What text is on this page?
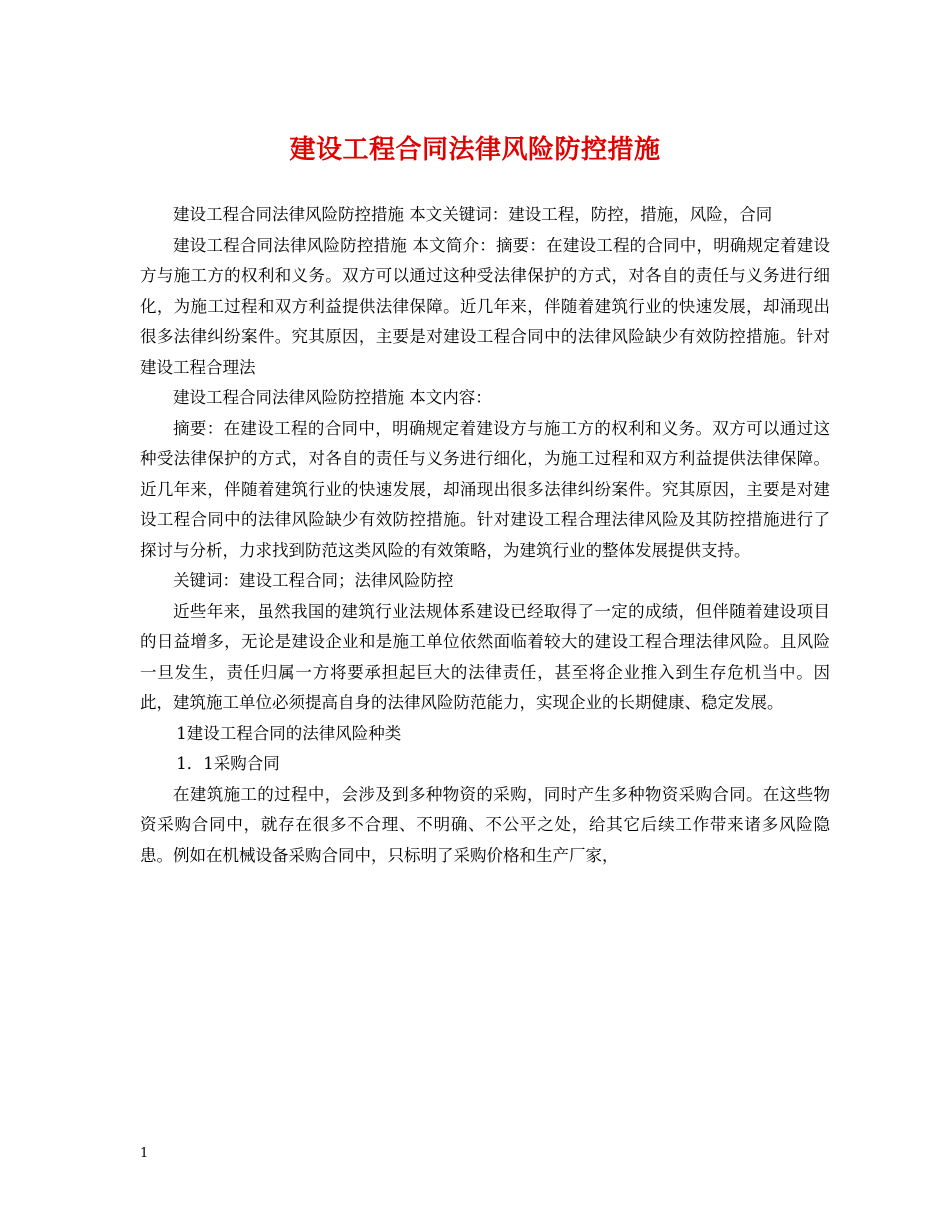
建设工程合同法律风险防控措施

建设工程合同法律风险防控措施 本文关键词：建设工程，防控，措施，风险，合同

建设工程合同法律风险防控措施 本文简介：摘要：在建设工程的合同中，明确规定着建设方与施工方的权利和义务。双方可以通过这种受法律保护的方式，对各自的责任与义务进行细化，为施工过程和双方利益提供法律保障。近几年来，伴随着建筑行业的快速发展，却涌现出很多法律纠纷案件。究其原因，主要是对建设工程合同中的法律风险缺少有效防控措施。针对建设工程合理法

建设工程合同法律风险防控措施 本文内容：

摘要：在建设工程的合同中，明确规定着建设方与施工方的权利和义务。双方可以通过这种受法律保护的方式，对各自的责任与义务进行细化，为施工过程和双方利益提供法律保障。近几年来，伴随着建筑行业的快速发展，却涌现出很多法律纠纷案件。究其原因，主要是对建设工程合同中的法律风险缺少有效防控措施。针对建设工程合理法律风险及其防控措施进行了探讨与分析，力求找到防范这类风险的有效策略，为建筑行业的整体发展提供支持。

关键词：建设工程合同；法律风险防控

近些年来，虽然我国的建筑行业法规体系建设已经取得了一定的成绩，但伴随着建设项目的日益增多，无论是建设企业和是施工单位依然面临着较大的建设工程合理法律风险。且风险一旦发生，责任归属一方将要承担起巨大的法律责任，甚至将企业推入到生存危机当中。因此，建筑施工单位必须提高自身的法律风险防范能力，实现企业的长期健康、稳定发展。

1建设工程合同的法律风险种类

1．1采购合同

在建筑施工的过程中，会涉及到多种物资的采购，同时产生多种物资采购合同。在这些物资采购合同中，就存在很多不合理、不明确、不公平之处，给其它后续工作带来诸多风险隐患。例如在机械设备采购合同中，只标明了采购价格和生产厂家，

1
